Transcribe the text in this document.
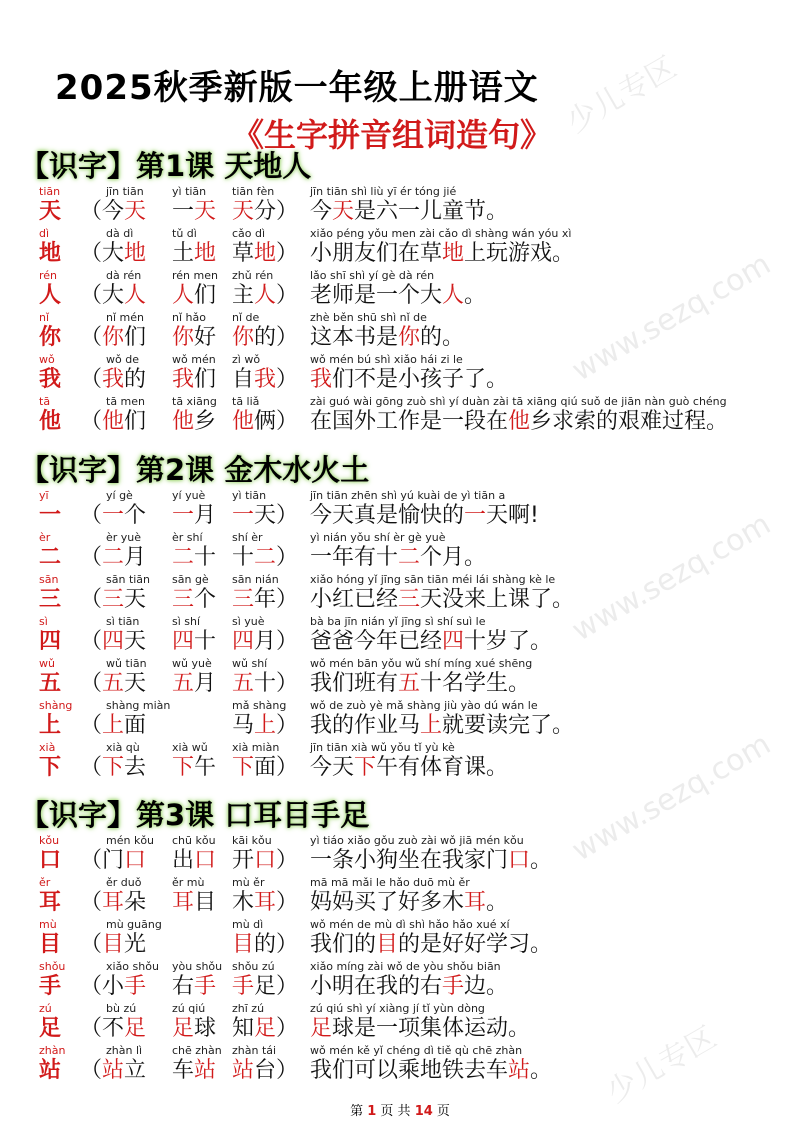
2025秋季新版一年级上册语文
《生字拼音组词造句》
【识字】第1课 天地人
tiān
天
jīn tiān
（今天
yì tiān
一天
tiān fèn
天分）
jīn tiān shì liù yī ér tóng jié
今天是六一儿童节。
dì
地
dà dì
（大地
tǔ dì
土地
cǎo dì
草地）
xiǎo péng yǒu men zài cǎo dì shàng wán yóu xì
小朋友们在草地上玩游戏。
rén
人
dà rén
（大人
rén men
人们
zhǔ rén
主人）
lǎo shī shì yí gè dà rén
老师是一个大人。
nǐ
你
nǐ mén
（你们
nǐ hǎo
你好
nǐ de
你的）
zhè běn shū shì nǐ de
这本书是你的。
wǒ
我
wǒ de
（我的
wǒ mén
我们
zì wǒ
自我）
wǒ mén bú shì xiǎo hái zi le
我们不是小孩子了。
tā
他
tā men
（他们
tā xiāng
他乡
tā liǎ
他俩）
zài guó wài gōng zuò shì yí duàn zài tā xiāng qiú suǒ de jiān nàn guò chéng
在国外工作是一段在他乡求索的艰难过程。
【识字】第2课 金木水火土
yī
一
yí gè
（一个
yí yuè
一月
yì tiān
一天）
jīn tiān zhēn shì yú kuài de yì tiān a
今天真是愉快的一天啊!
èr
二
èr yuè
（二月
èr shí
二十
shí èr
十二）
yì nián yǒu shí èr gè yuè
一年有十二个月。
sān
三
sān tiān
（三天
sān gè
三个
sān nián
三年）
xiǎo hóng yǐ jīng sān tiān méi lái shàng kè le
小红已经三天没来上课了。
sì
四
sì tiān
（四天
sì shí
四十
sì yuè
四月）
bà ba jīn nián yǐ jīng sì shí suì le
爸爸今年已经四十岁了。
wǔ
五
wǔ tiān
（五天
wǔ yuè
五月
wǔ shí
五十）
wǒ mén bān yǒu wǔ shí míng xué shēng
我们班有五十名学生。
shàng
上
shàng miàn
（上面
mǎ shàng
马上）
wǒ de zuò yè mǎ shàng jiù yào dú wán le
我的作业马上就要读完了。
xià
下
xià qù
（下去
xià wǔ
下午
xià miàn
下面）
jīn tiān xià wǔ yǒu tǐ yù kè
今天下午有体育课。
【识字】第3课 口耳目手足
kǒu
口
mén kǒu
（门口
chū kǒu
出口
kāi kǒu
开口）
yì tiáo xiǎo gǒu zuò zài wǒ jiā mén kǒu
一条小狗坐在我家门口。
ěr
耳
ěr duǒ
（耳朵
ěr mù
耳目
mù ěr
木耳）
mā mā mǎi le hǎo duō mù ěr
妈妈买了好多木耳。
mù
目
mù guāng
（目光
mù dì
目的）
wǒ mén de mù dì shì hǎo hǎo xué xí
我们的目的是好好学习。
shǒu
手
xiǎo shǒu
（小手
yòu shǒu
右手
shǒu zú
手足）
xiǎo míng zài wǒ de yòu shǒu biān
小明在我的右手边。
zú
足
bù zú
（不足
zú qiú
足球
zhī zú
知足）
zú qiú shì yí xiàng jí tǐ yùn dòng
足球是一项集体运动。
zhàn
站
zhàn lì
（站立
chē zhàn
车站
zhàn tái
站台）
wǒ mén kě yǐ chéng dì tiě qù chē zhàn
我们可以乘地铁去车站。
第 1 页 共 14 页
少儿专区
www.sezq.com
www.sezq.com
www.sezq.com
少儿专区
